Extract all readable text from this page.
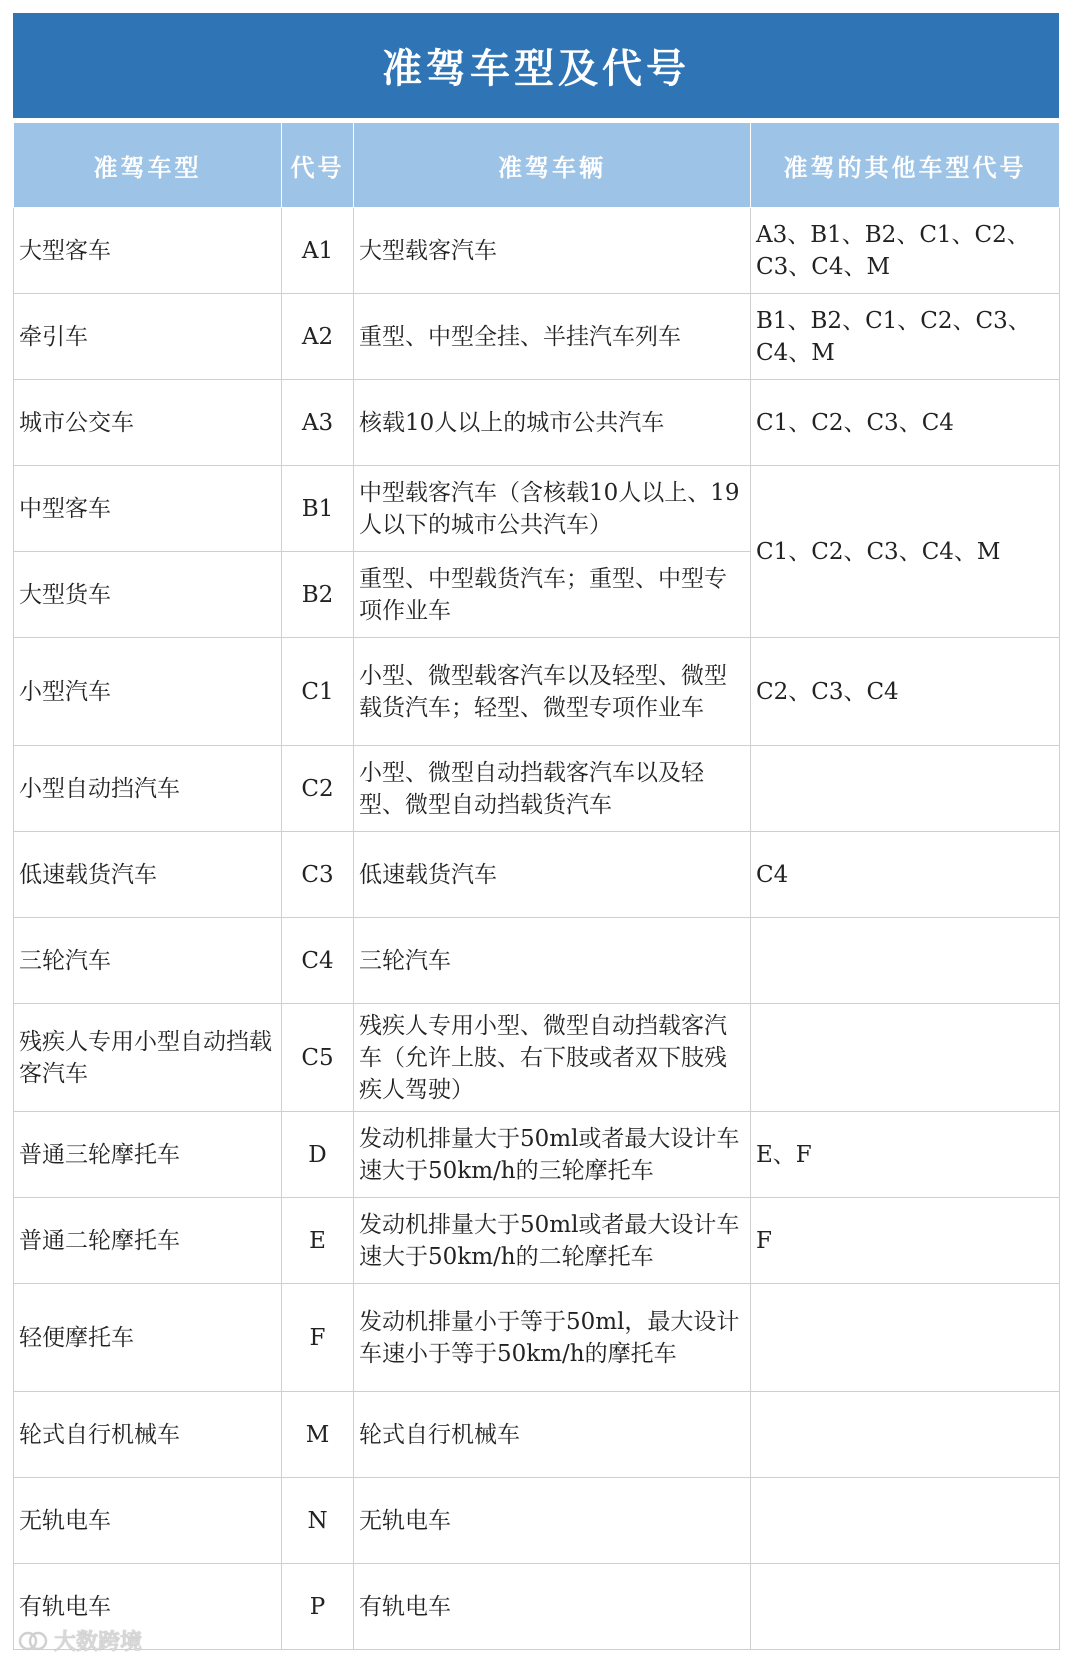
准驾车型及代号
准驾车型	代号	准驾车辆	准驾的其他车型代号
大型客车	A1	大型载客汽车	A3、B1、B2、C1、C2、C3、C4、M
牵引车	A2	重型、中型全挂、半挂汽车列车	B1、B2、C1、C2、C3、C4、M
城市公交车	A3	核载10人以上的城市公共汽车	C1、C2、C3、C4
中型客车	B1	中型载客汽车（含核载10人以上、19人以下的城市公共汽车）	C1、C2、C3、C4、M
大型货车	B2	重型、中型载货汽车；重型、中型专项作业车	
小型汽车	C1	小型、微型载客汽车以及轻型、微型载货汽车；轻型、微型专项作业车	C2、C3、C4
小型自动挡汽车	C2	小型、微型自动挡载客汽车以及轻型、微型自动挡载货汽车	
低速载货汽车	C3	低速载货汽车	C4
三轮汽车	C4	三轮汽车	
残疾人专用小型自动挡载客汽车	C5	残疾人专用小型、微型自动挡载客汽车（允许上肢、右下肢或者双下肢残疾人驾驶）	
普通三轮摩托车	D	发动机排量大于50ml或者最大设计车速大于50km/h的三轮摩托车	E、F
普通二轮摩托车	E	发动机排量大于50ml或者最大设计车速大于50km/h的二轮摩托车	F
轻便摩托车	F	发动机排量小于等于50ml，最大设计车速小于等于50km/h的摩托车	
轮式自行机械车	M	轮式自行机械车	
无轨电车	N	无轨电车	
有轨电车	P	有轨电车	
大数跨境
